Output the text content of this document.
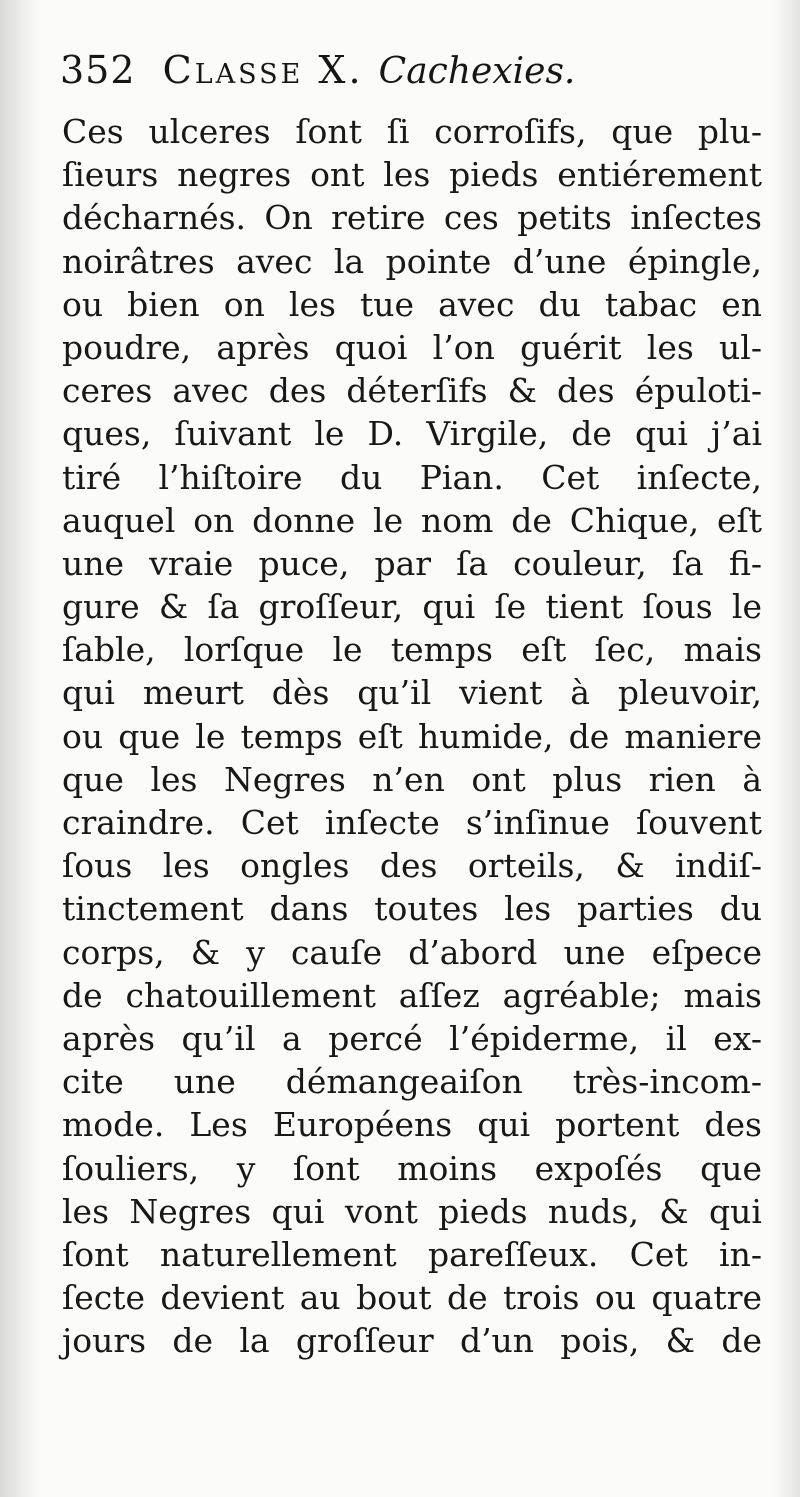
352 Classe X. Cachexies.
Ces ulceres ſont ſi corroſifs, que plu-
ſieurs negres ont les pieds entiérement
décharnés. On retire ces petits inſectes
noirâtres avec la pointe d’une épingle,
ou bien on les tue avec du tabac en
poudre, après quoi l’on guérit les ul-
ceres avec des déterſifs & des épuloti-
ques, ſuivant le D. Virgile, de qui j’ai
tiré l’hiſtoire du Pian. Cet inſecte,
auquel on donne le nom de Chique, eſt
une vraie puce, par ſa couleur, ſa fi-
gure & ſa groſſeur, qui ſe tient ſous le
ſable, lorſque le temps eſt ſec, mais
qui meurt dès qu’il vient à pleuvoir,
ou que le temps eſt humide, de maniere
que les Negres n’en ont plus rien à
craindre. Cet inſecte s’inſinue ſouvent
ſous les ongles des orteils, & indiſ-
tinctement dans toutes les parties du
corps, & y cauſe d’abord une eſpece
de chatouillement aſſez agréable; mais
après qu’il a percé l’épiderme, il ex-
cite une démangeaiſon très-incom-
mode. Les Européens qui portent des
ſouliers, y ſont moins expoſés que
les Negres qui vont pieds nuds, & qui
ſont naturellement pareſſeux. Cet in-
ſecte devient au bout de trois ou quatre
jours de la groſſeur d’un pois, & de
